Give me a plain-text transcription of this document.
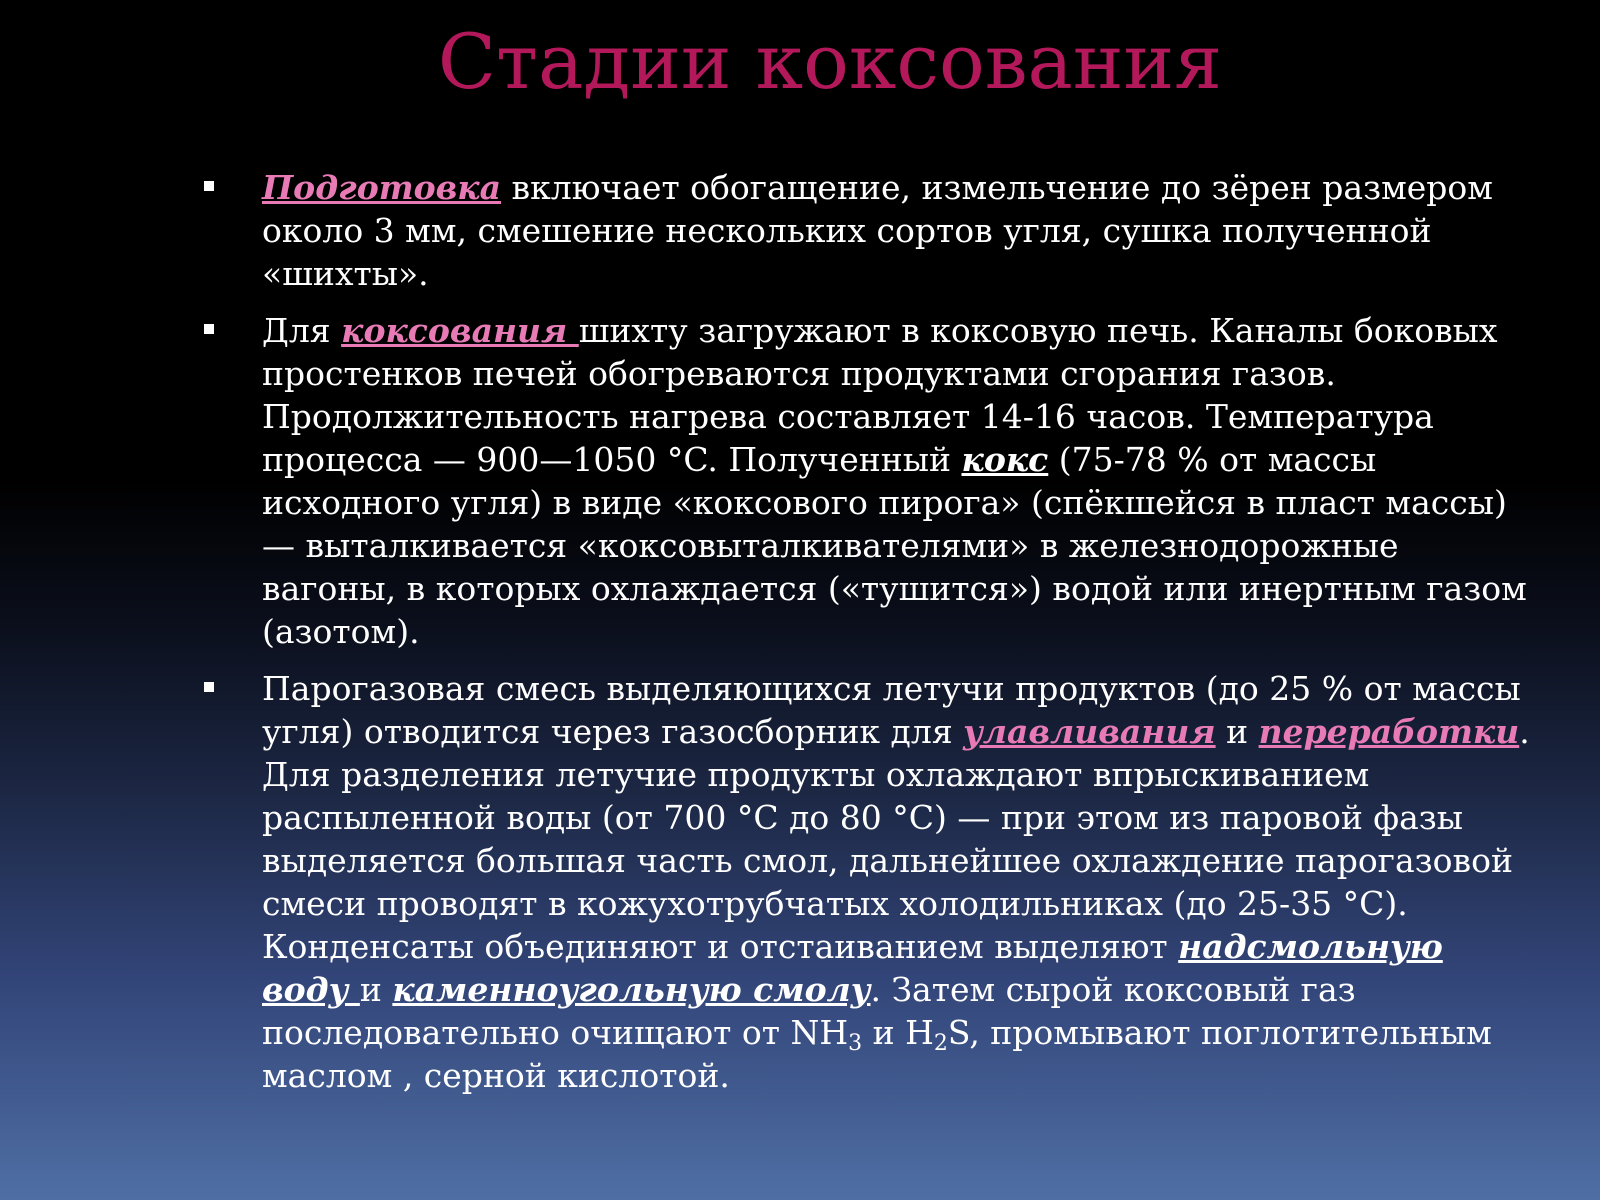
Стадии коксования
Подготовка включает обогащение, измельчение до зёрен размером около 3 мм, смешение нескольких сортов угля, сушка полученной «шихты».
Для коксования шихту загружают в коксовую печь. Каналы боковых простенков печей обогреваются продуктами сгорания газов. Продолжительность нагрева составляет 14-16 часов. Температура процесса — 900—1050 °C. Полученный кокс (75-78 % от массы исходного угля) в виде «коксового пирога» (спёкшейся в пласт массы) — выталкивается «коксовыталкивателями» в железнодорожные вагоны, в которых охлаждается («тушится») водой или инертным газом (азотом).
Парогазовая смесь выделяющихся летучи продуктов (до 25 % от массы угля) отводится через газосборник для улавливания и переработки. Для разделения летучие продукты охлаждают впрыскиванием распыленной воды (от 700 °C до 80 °C) — при этом из паровой фазы выделяется большая часть смол, дальнейшее охлаждение парогазовой смеси проводят в кожухотрубчатых холодильниках (до 25-35 °C). Конденсаты объединяют и отстаиванием выделяют надсмольную воду и каменноугольную смолу. Затем сырой коксовый газ последовательно очищают от $NH_3$ и $H_2S$, промывают поглотительным маслом , серной кислотой.
